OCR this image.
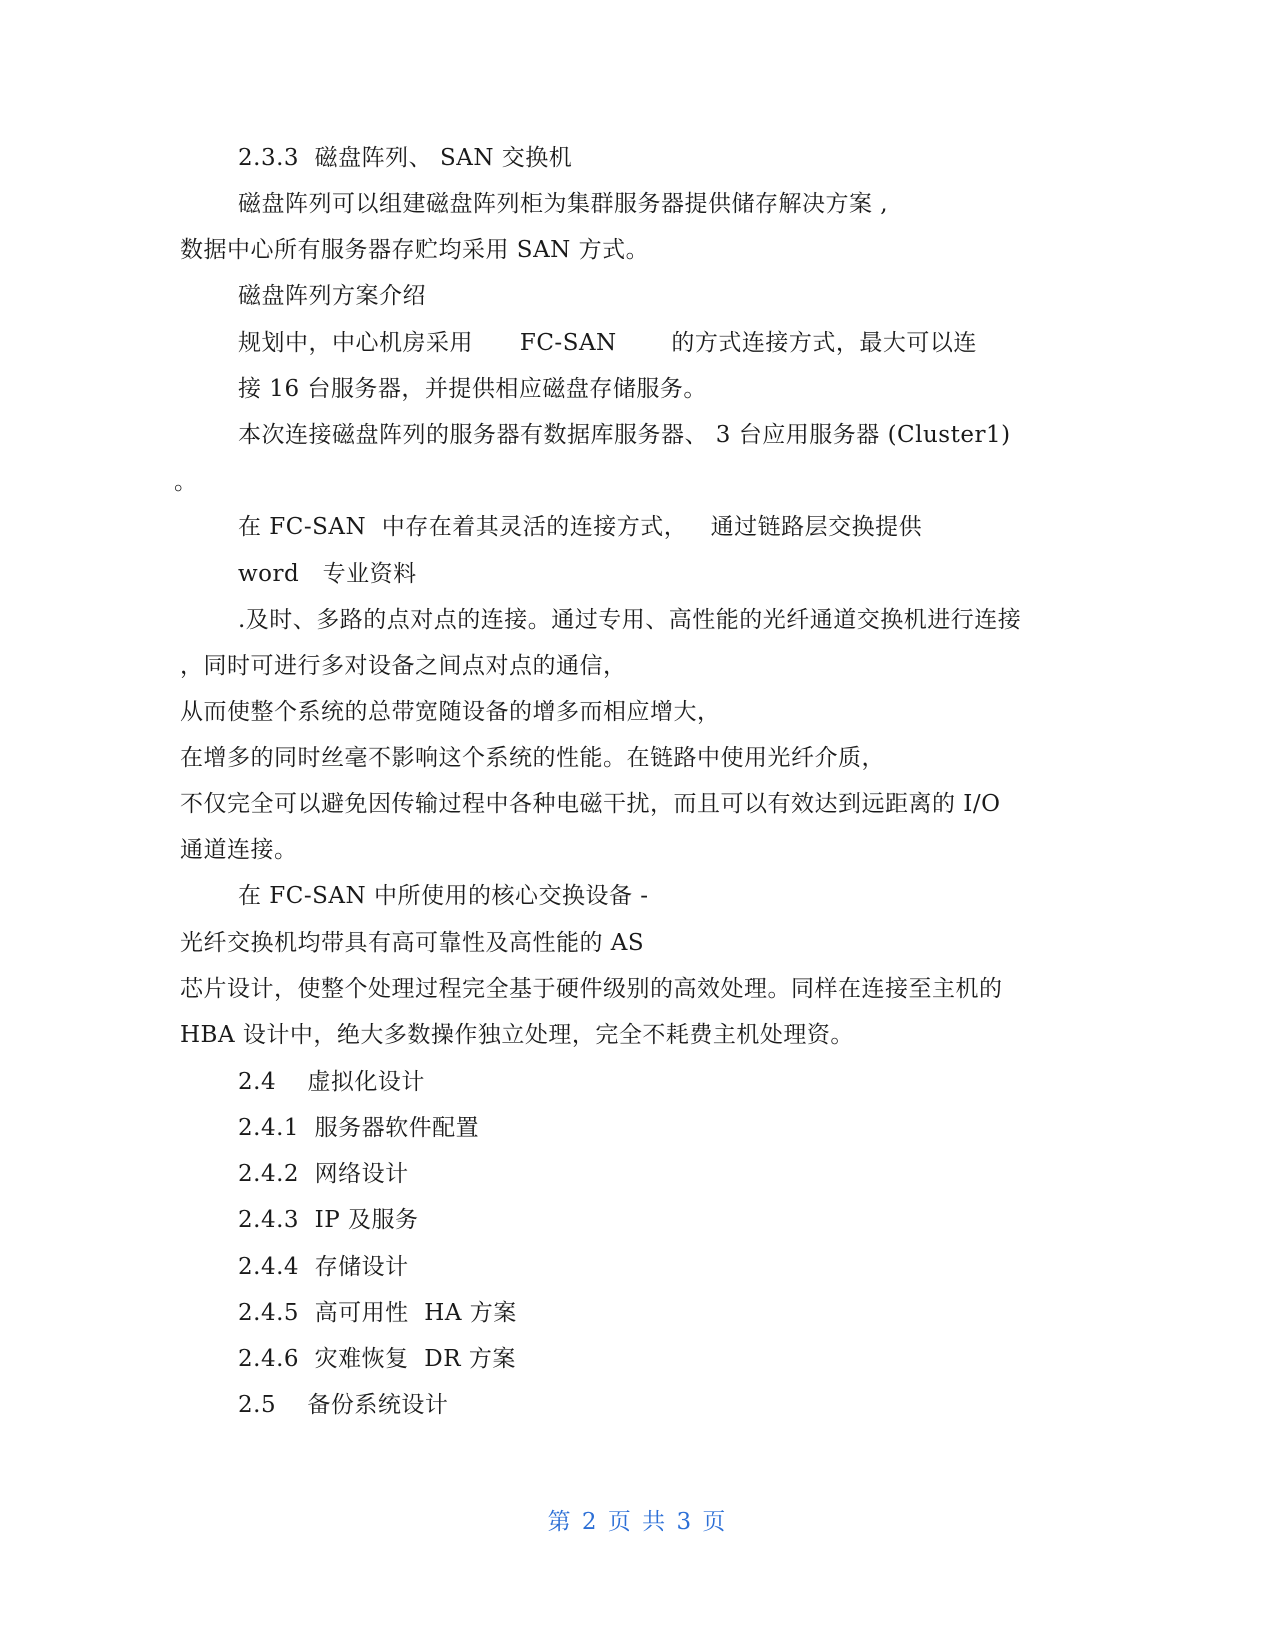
2.3.3  磁盘阵列、 SAN 交换机
磁盘阵列可以组建磁盘阵列柜为集群服务器提供储存解决方案 ,
数据中心所有服务器存贮均采用 SAN 方式。
磁盘阵列方案介绍
规划中，中心机房采用      FC-SAN       的方式连接方式，最大可以连
接 16 台服务器，并提供相应磁盘存储服务。
本次连接磁盘阵列的服务器有数据库服务器、 3 台应用服务器 (Cluster1)
。
在 FC-SAN  中存在着其灵活的连接方式，   通过链路层交换提供
word   专业资料
.及时、多路的点对点的连接。通过专用、高性能的光纤通道交换机进行连接
，同时可进行多对设备之间点对点的通信，
从而使整个系统的总带宽随设备的增多而相应增大，
在增多的同时丝毫不影响这个系统的性能。在链路中使用光纤介质，
不仅完全可以避免因传输过程中各种电磁干扰，而且可以有效达到远距离的 I/O
通道连接。
在 FC-SAN 中所使用的核心交换设备 -
光纤交换机均带具有高可靠性及高性能的 AS
芯片设计，使整个处理过程完全基于硬件级别的高效处理。同样在连接至主机的
HBA 设计中，绝大多数操作独立处理，完全不耗费主机处理资。
2.4    虚拟化设计
2.4.1  服务器软件配置
2.4.2  网络设计
2.4.3  IP 及服务
2.4.4  存储设计
2.4.5  高可用性  HA 方案
2.4.6  灾难恢复  DR 方案
2.5    备份系统设计
第 2 页 共 3 页
